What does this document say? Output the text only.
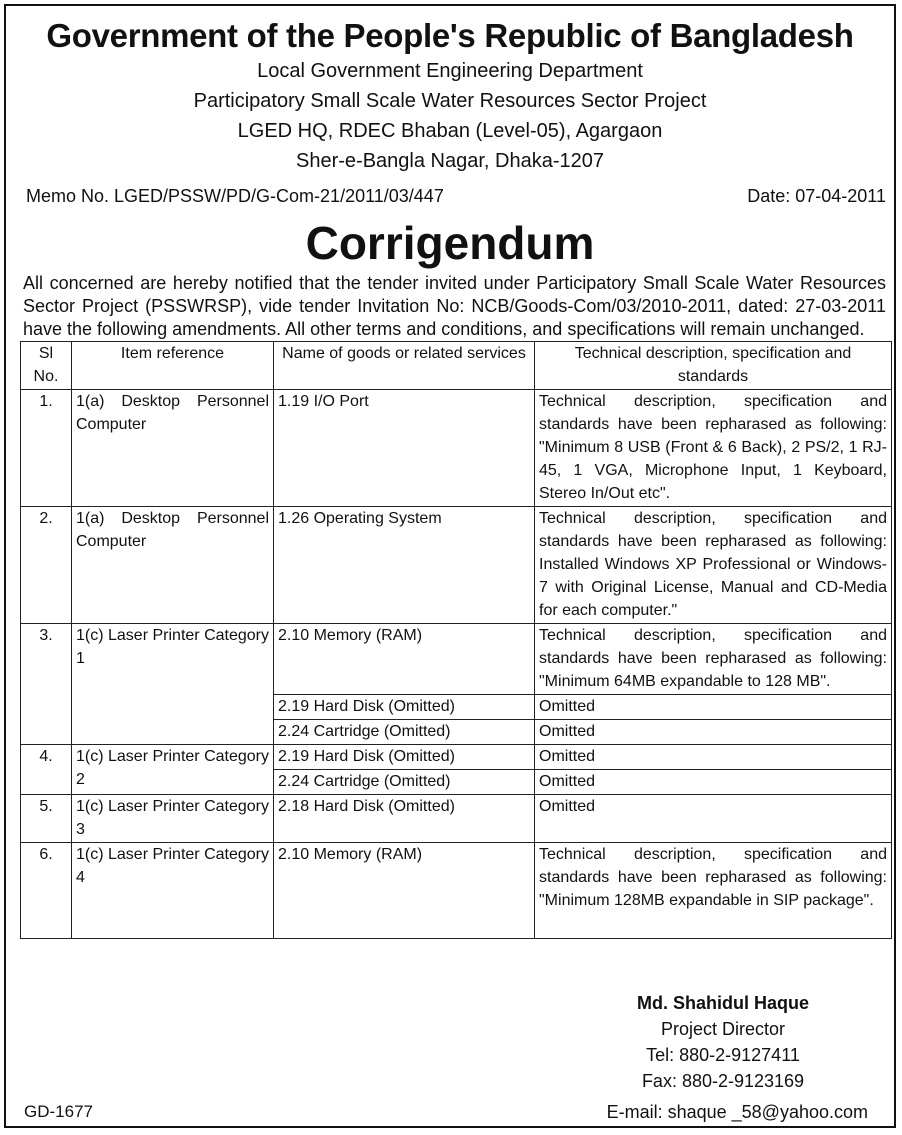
Government of the People's Republic of Bangladesh
Local Government Engineering Department
Participatory Small Scale Water Resources Sector Project
LGED HQ, RDEC Bhaban (Level-05), Agargaon
Sher-e-Bangla Nagar, Dhaka-1207
Memo No. LGED/PSSW/PD/G-Com-21/2011/03/447	Date: 07-04-2011
Corrigendum
All concerned are hereby notified that the tender invited under Participatory Small Scale Water Resources Sector Project (PSSWRSP), vide tender Invitation No: NCB/Goods-Com/03/2010-2011, dated: 27-03-2011 have the following amendments. All other terms and conditions, and specifications will remain unchanged.
Sl No.	Item reference	Name of goods or related services	Technical description, specification and standards
1.	1(a) Desktop Personnel Computer	1.19 I/O Port	Technical description, specification and standards have been repharased as following: "Minimum 8 USB (Front & 6 Back), 2 PS/2, 1 RJ-45, 1 VGA, Microphone Input, 1 Keyboard, Stereo In/Out etc".
2.	1(a) Desktop Personnel Computer	1.26 Operating System	Technical description, specification and standards have been repharased as following: Installed Windows XP Professional or Windows-7 with Original License, Manual and CD-Media for each computer."
3.	1(c) Laser Printer Category 1	2.10 Memory (RAM)	Technical description, specification and standards have been repharased as following: "Minimum 64MB expandable to 128 MB".
		2.19 Hard Disk (Omitted)	Omitted
		2.24 Cartridge (Omitted)	Omitted
4.	1(c) Laser Printer Category 2	2.19 Hard Disk (Omitted)	Omitted
		2.24 Cartridge (Omitted)	Omitted
5.	1(c) Laser Printer Category 3	2.18 Hard Disk (Omitted)	Omitted
6.	1(c) Laser Printer Category 4	2.10 Memory (RAM)	Technical description, specification and standards have been repharased as following: "Minimum 128MB expandable in SIP package".
Md. Shahidul Haque
Project Director
Tel: 880-2-9127411
Fax: 880-2-9123169
E-mail: shaque _58@yahoo.com
GD-1677
